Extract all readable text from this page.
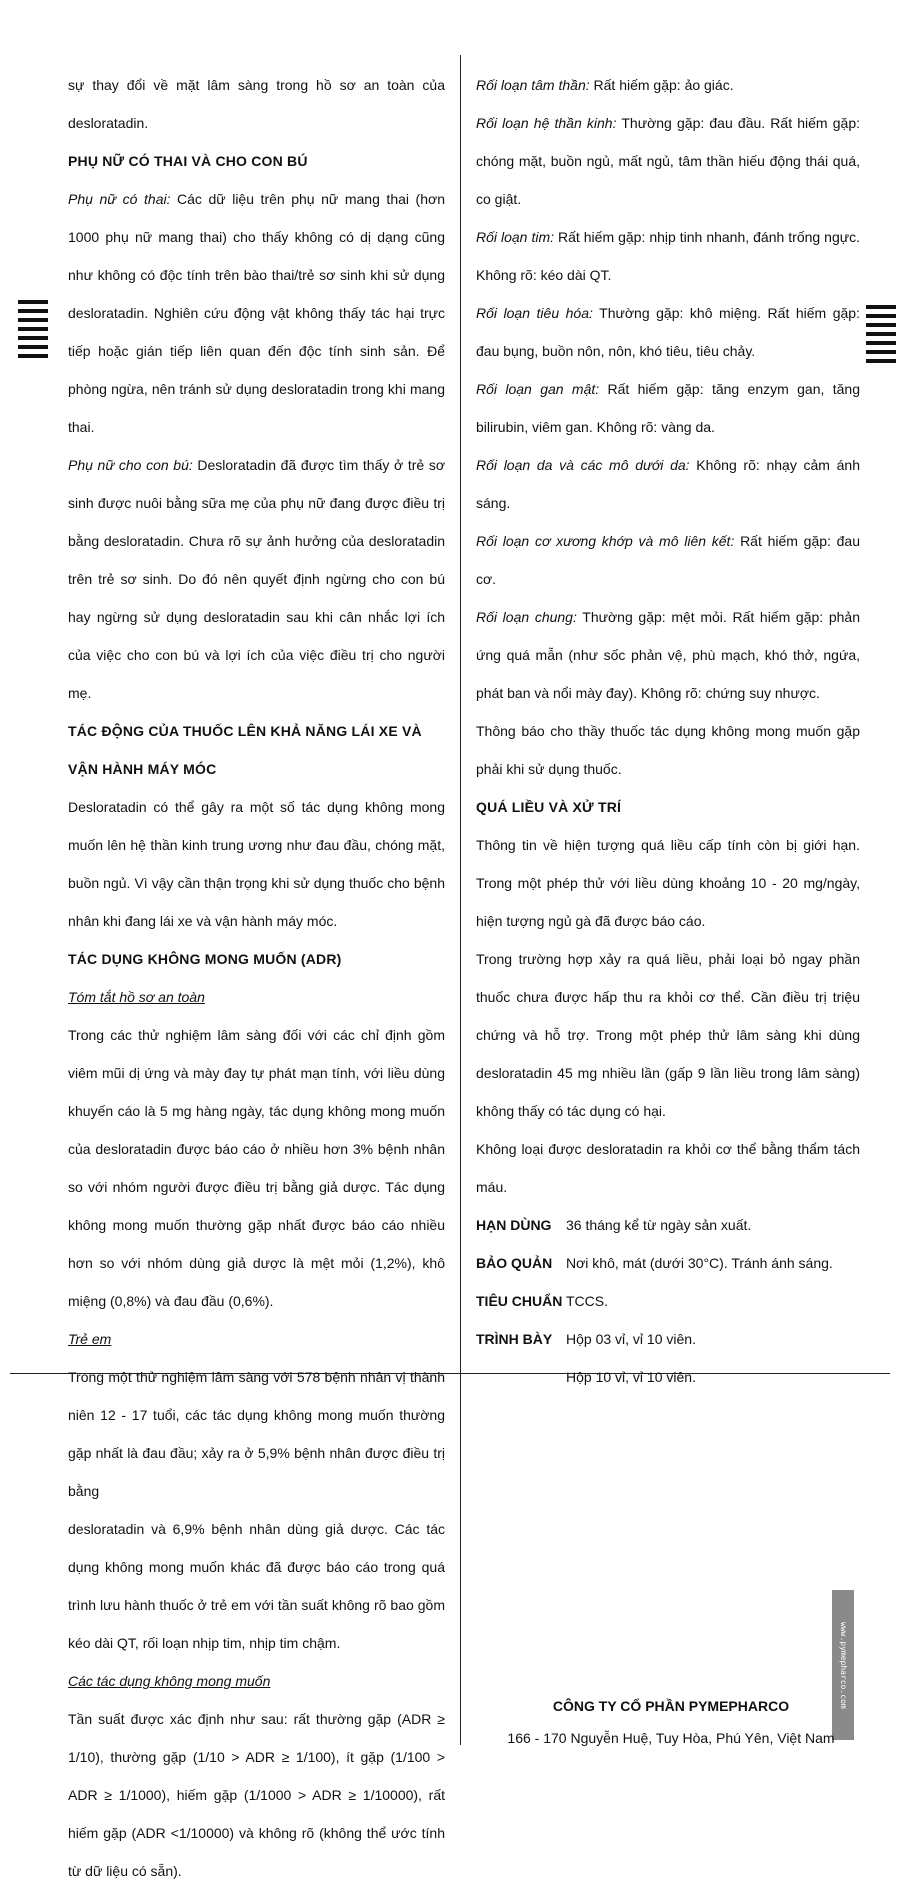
sự thay đổi về mặt lâm sàng trong hồ sơ an toàn của desloratadin.

PHỤ NỮ CÓ THAI VÀ CHO CON BÚ

Phụ nữ có thai: Các dữ liệu trên phụ nữ mang thai (hơn 1000 phụ nữ mang thai) cho thấy không có dị dạng cũng như không có độc tính trên bào thai/trẻ sơ sinh khi sử dụng desloratadin. Nghiên cứu động vật không thấy tác hại trực tiếp hoặc gián tiếp liên quan đến độc tính sinh sản. Để phòng ngừa, nên tránh sử dụng desloratadin trong khi mang thai.

Phụ nữ cho con bú: Desloratadin đã được tìm thấy ở trẻ sơ sinh được nuôi bằng sữa mẹ của phụ nữ đang được điều trị bằng desloratadin. Chưa rõ sự ảnh hưởng của desloratadin trên trẻ sơ sinh. Do đó nên quyết định ngừng cho con bú hay ngừng sử dụng desloratadin sau khi cân nhắc lợi ích của việc cho con bú và lợi ích của việc điều trị cho người mẹ.

TÁC ĐỘNG CỦA THUỐC LÊN KHẢ NĂNG LÁI XE VÀ VẬN HÀNH MÁY MÓC

Desloratadin có thể gây ra một số tác dụng không mong muốn lên hệ thần kinh trung ương như đau đầu, chóng mặt, buồn ngủ. Vì vậy cần thận trọng khi sử dụng thuốc cho bệnh nhân khi đang lái xe và vận hành máy móc.

TÁC DỤNG KHÔNG MONG MUỐN (ADR)

Tóm tắt hồ sơ an toàn

Trong các thử nghiệm lâm sàng đối với các chỉ định gồm viêm mũi dị ứng và mày đay tự phát mạn tính, với liều dùng khuyến cáo là 5 mg hàng ngày, tác dụng không mong muốn của desloratadin được báo cáo ở nhiều hơn 3% bệnh nhân so với nhóm người được điều trị bằng giả dược. Tác dụng không mong muốn thường gặp nhất được báo cáo nhiều hơn so với nhóm dùng giả dược là mệt mỏi (1,2%), khô miệng (0,8%) và đau đầu (0,6%).

Trẻ em

Trong một thử nghiệm lâm sàng với 578 bệnh nhân vị thành niên 12 - 17 tuổi, các tác dụng không mong muốn thường gặp nhất là đau đầu; xảy ra ở 5,9% bệnh nhân được điều trị bằng

desloratadin và 6,9% bệnh nhân dùng giả dược. Các tác dụng không mong muốn khác đã được báo cáo trong quá trình lưu hành thuốc ở trẻ em với tần suất không rõ bao gồm kéo dài QT, rối loạn nhịp tim, nhịp tim chậm.

Các tác dụng không mong muốn

Tần suất được xác định như sau: rất thường gặp (ADR ≥ 1/10), thường gặp (1/10 > ADR ≥ 1/100), ít gặp (1/100 > ADR ≥ 1/1000), hiếm gặp (1/1000 > ADR ≥ 1/10000), rất hiếm gặp (ADR <1/10000) và không rõ (không thể ước tính từ dữ liệu có sẵn).

Rối loạn tâm thần: Rất hiếm gặp: ảo giác.

Rối loạn hệ thần kinh: Thường gặp: đau đầu. Rất hiếm gặp: chóng mặt, buồn ngủ, mất ngủ, tâm thần hiếu động thái quá, co giật.

Rối loạn tim: Rất hiếm gặp: nhịp tinh nhanh, đánh trống ngực. Không rõ: kéo dài QT.

Rối loạn tiêu hóa: Thường gặp: khô miệng. Rất hiếm gặp: đau bụng, buồn nôn, nôn, khó tiêu, tiêu chảy.

Rối loạn gan mật: Rất hiếm gặp: tăng enzym gan, tăng bilirubin, viêm gan. Không rõ: vàng da.

Rối loạn da và các mô dưới da: Không rõ: nhạy cảm ánh sáng.

Rối loạn cơ xương khớp và mô liên kết: Rất hiếm gặp: đau cơ.

Rối loạn chung: Thường gặp: mệt mỏi. Rất hiếm gặp: phản ứng quá mẫn (như sốc phản vệ, phù mạch, khó thở, ngứa, phát ban và nổi mày đay). Không rõ: chứng suy nhược.

Thông báo cho thầy thuốc tác dụng không mong muốn gặp phải khi sử dụng thuốc.

QUÁ LIỀU VÀ XỬ TRÍ

Thông tin về hiện tượng quá liều cấp tính còn bị giới hạn. Trong một phép thử với liều dùng khoảng 10 - 20 mg/ngày, hiện tượng ngủ gà đã được báo cáo.

Trong trường hợp xảy ra quá liều, phải loại bỏ ngay phần thuốc chưa được hấp thu ra khỏi cơ thể. Cần điều trị triệu chứng và hỗ trợ. Trong một phép thử lâm sàng khi dùng desloratadin 45 mg nhiều lần (gấp 9 lần liều trong lâm sàng) không thấy có tác dụng có hại.

Không loại được desloratadin ra khỏi cơ thể bằng thẩm tách máu.

HẠN DÙNG	36 tháng kể từ ngày sản xuất.
BẢO QUẢN Nơi khô, mát (dưới 30°C). Tránh ánh sáng.
TIÊU CHUẨN TCCS.
TRÌNH BÀY Hộp 03 vỉ, vỉ 10 viên.
Hộp 10 vỉ, vỉ 10 viên.
www.pymepharco.com
CÔNG TY CỔ PHẦN PYMEPHARCO
166 - 170 Nguyễn Huệ, Tuy Hòa, Phú Yên, Việt Nam
